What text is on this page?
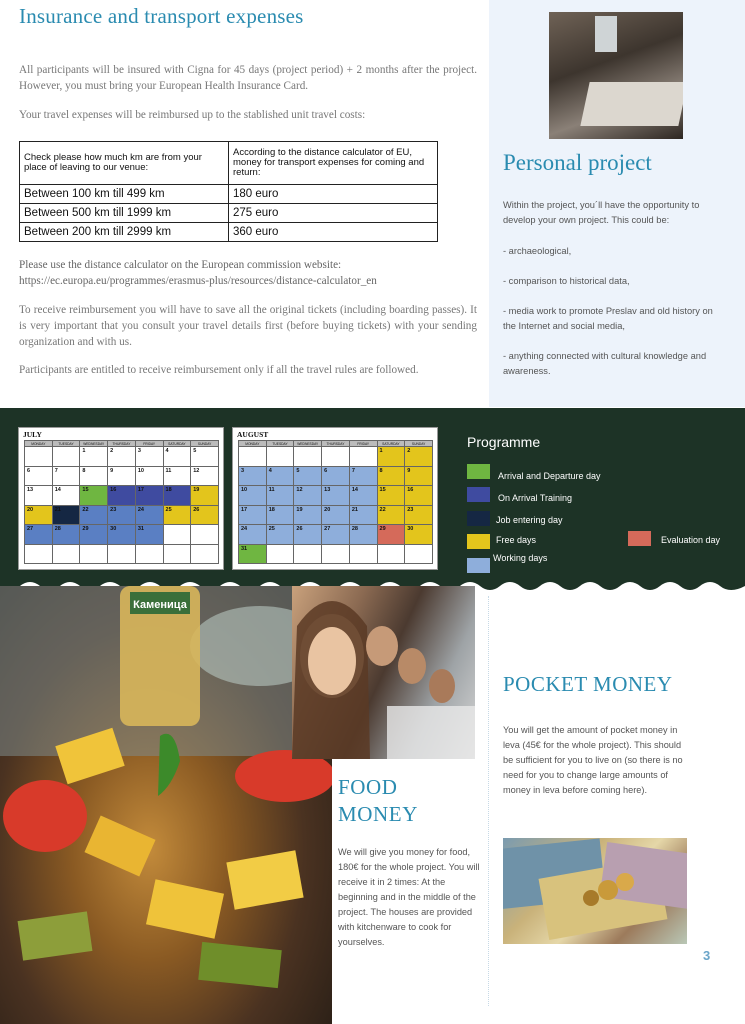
Insurance and transport expenses

All participants will be insured with Cigna for 45 days (project period) + 2 months after the project. However, you must bring your European Health Insurance Card.

Your travel expenses will be reimbursed up to the stablished unit travel costs:

Check please how much km are from your place of leaving to our venue:	According to the distance calculator of EU, money for transport expenses for coming and return:
Between 100 km till 499 km	180 euro
Between 500 km till 1999 km	275 euro
Between 200 km till 2999 km	360 euro

Please use the distance calculator on the European commission website: https://ec.europa.eu/programmes/erasmus-plus/resources/distance-calculator_en

To receive reimbursement you will have to save all the original tickets (including boarding passes). It is very important that you consult your travel details first (before buying tickets) with your sending organization and with us.

Participants are entitled to receive reimbursement only if all the travel rules are followed.

Personal project

Within the project, you´ll have the opportunity to develop your own project. This could be:

- archaeological,

- comparison to historical data,

- media work to promote Preslav and old history on the Internet and social media,

- anything connected with cultural knowledge and awareness.

JULY
MONDAY	TUESDAY	WEDNESDAY	THURSDAY	FRIDAY	SATURDAY	SUNDAY
		1	2	3	4	5
6	7	8	9	10	11	12
13	14	15	16	17	18	19
20	21	22	23	24	25	26
27	28	29	30	31		

AUGUST
MONDAY	TUESDAY	WEDNESDAY	THURSDAY	FRIDAY	SATURDAY	SUNDAY
					1	2
3	4	5	6	7	8	9
10	11	12	13	14	15	16
17	18	19	20	21	22	23
24	25	26	27	28	29	30
31						
Programme
Arrival and Departure day
On Arrival Training
Job entering day
Free days
Working days
Evaluation day
Каменица
FOOD
MONEY

We will give you money for food, 180€ for the whole project. You will receive it in 2 times: At the beginning and in the middle of the project. The houses are provided with kitchenware to cook for yourselves.

POCKET MONEY

You will get the amount of pocket money in leva (45€ for the whole project). This should be sufficient for you to live on (so there is no need for you to change large amounts of money in leva before coming here).

3
